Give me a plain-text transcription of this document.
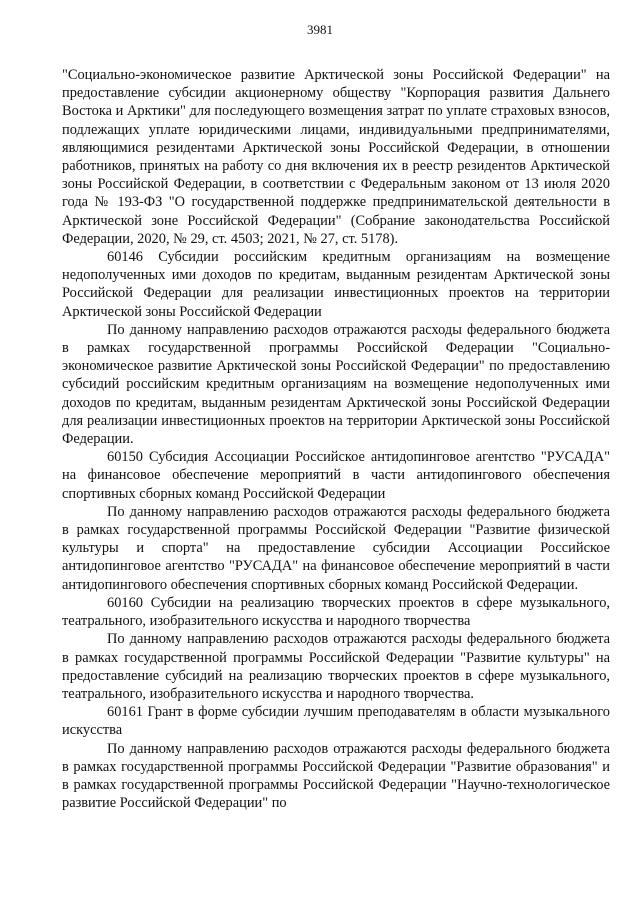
3981

"Социально-экономическое развитие Арктической зоны Российской Федерации" на предоставление субсидии акционерному обществу "Корпорация развития Дальнего Востока и Арктики" для последующего возмещения затрат по уплате страховых взносов, подлежащих уплате юридическими лицами, индивидуальными предпринимателями, являющимися резидентами Арктической зоны Российской Федерации, в отношении работников, принятых на работу со дня включения их в реестр резидентов Арктической зоны Российской Федерации, в соответствии с Федеральным законом от 13 июля 2020 года № 193-ФЗ "О государственной поддержке предпринимательской деятельности в Арктической зоне Российской Федерации" (Собрание законодательства Российской Федерации, 2020, № 29, ст. 4503; 2021, № 27, ст. 5178).

60146 Субсидии российским кредитным организациям на возмещение недополученных ими доходов по кредитам, выданным резидентам Арктической зоны Российской Федерации для реализации инвестиционных проектов на территории Арктической зоны Российской Федерации

По данному направлению расходов отражаются расходы федерального бюджета в рамках государственной программы Российской Федерации "Социально-экономическое развитие Арктической зоны Российской Федерации" по предоставлению субсидий российским кредитным организациям на возмещение недополученных ими доходов по кредитам, выданным резидентам Арктической зоны Российской Федерации для реализации инвестиционных проектов на территории Арктической зоны Российской Федерации.

60150 Субсидия Ассоциации Российское антидопинговое агентство "РУСАДА" на финансовое обеспечение мероприятий в части антидопингового обеспечения спортивных сборных команд Российской Федерации

По данному направлению расходов отражаются расходы федерального бюджета в рамках государственной программы Российской Федерации "Развитие физической культуры и спорта" на предоставление субсидии Ассоциации Российское антидопинговое агентство "РУСАДА" на финансовое обеспечение мероприятий в части антидопингового обеспечения спортивных сборных команд Российской Федерации.

60160 Субсидии на реализацию творческих проектов в сфере музыкального, театрального, изобразительного искусства и народного творчества

По данному направлению расходов отражаются расходы федерального бюджета в рамках государственной программы Российской Федерации "Развитие культуры" на предоставление субсидий на реализацию творческих проектов в сфере музыкального, театрального, изобразительного искусства и народного творчества.

60161 Грант в форме субсидии лучшим преподавателям в области музыкального искусства

По данному направлению расходов отражаются расходы федерального бюджета в рамках государственной программы Российской Федерации "Развитие образования" и в рамках государственной программы Российской Федерации "Научно-технологическое развитие Российской Федерации" по
